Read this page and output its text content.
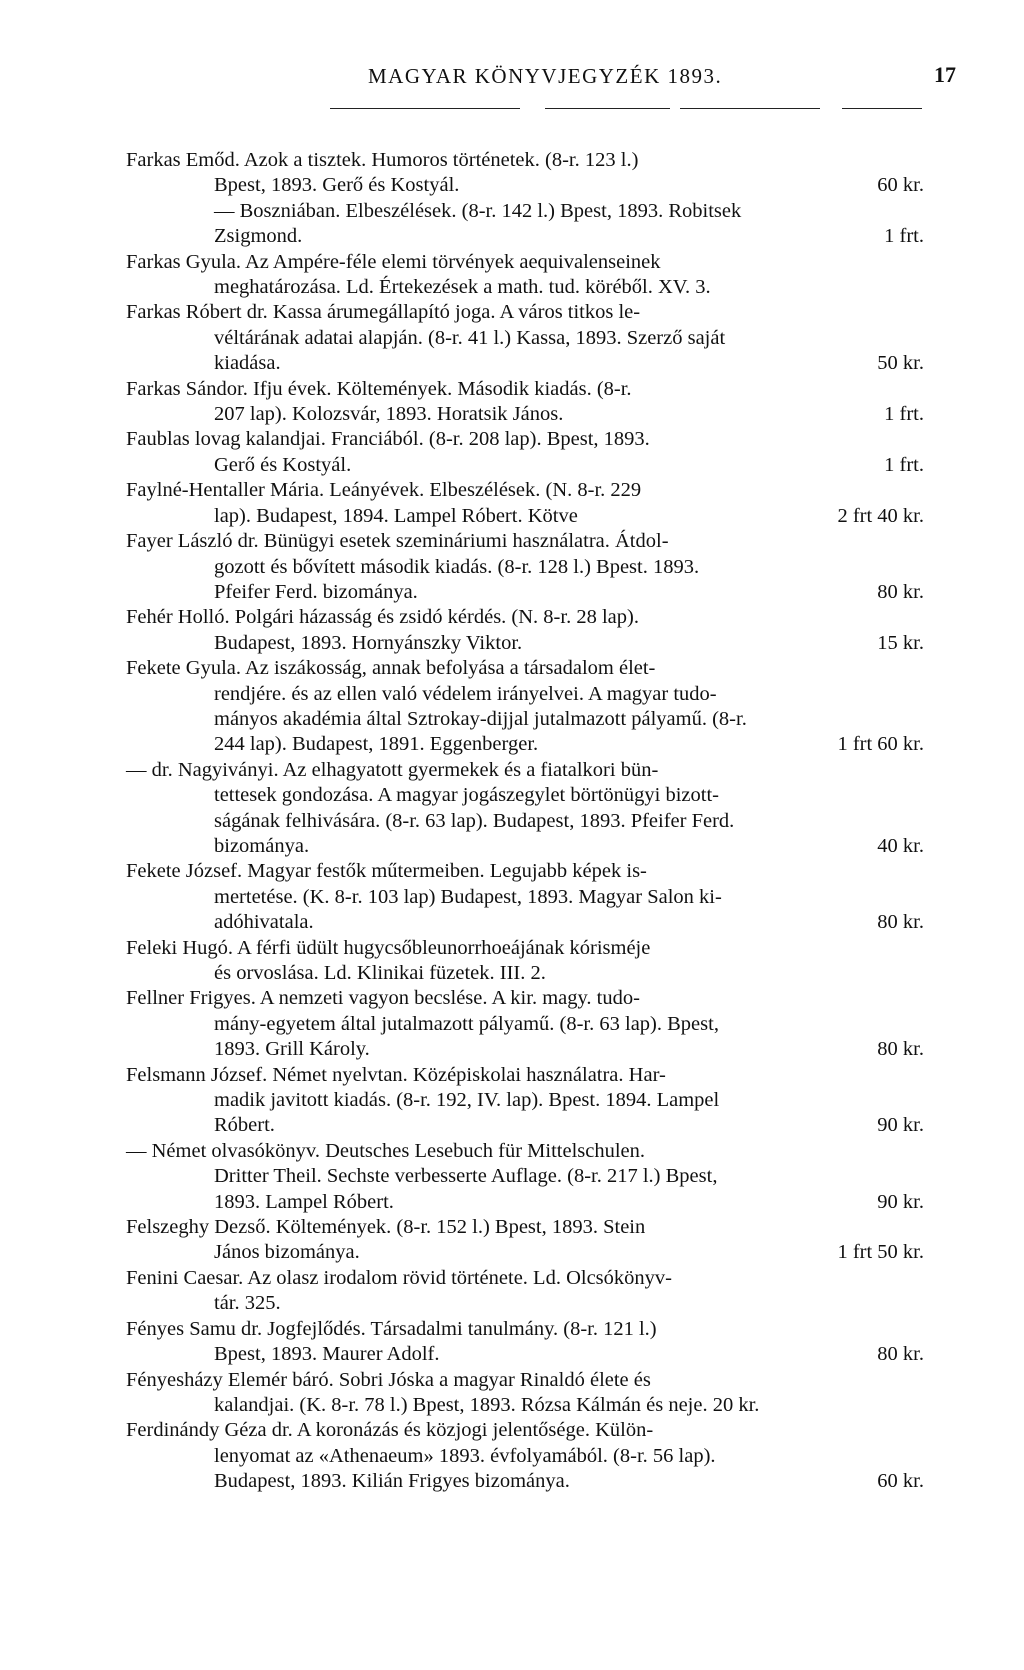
MAGYAR KÖNYVJEGYZÉK 1893.	17
Farkas Emőd. Azok a tisztek. Humoros történetek. (8-r. 123 l.)
Bpest, 1893. Gerő és Kostyál.	60 kr.
— Boszniában. Elbeszélések. (8-r. 142 l.) Bpest, 1893. Robitsek
Zsigmond.	1 frt.
Farkas Gyula. Az Ampére-féle elemi törvények aequivalenseinek
meghatározása. Ld. Értekezések a math. tud. köréből. XV. 3.
Farkas Róbert dr. Kassa árumegállapító joga. A város titkos le-
véltárának adatai alapján. (8-r. 41 l.) Kassa, 1893. Szerző saját
kiadása.	50 kr.
Farkas Sándor. Ifju évek. Költemények. Második kiadás. (8-r.
207 lap). Kolozsvár, 1893. Horatsik János.	1 frt.
Faublas lovag kalandjai. Franciából. (8-r. 208 lap). Bpest, 1893.
Gerő és Kostyál.	1 frt.
Faylné-Hentaller Mária. Leányévek. Elbeszélések. (N. 8-r. 229
lap). Budapest, 1894. Lampel Róbert. Kötve	2 frt 40 kr.
Fayer László dr. Bünügyi esetek szemináriumi használatra. Átdol-
gozott és bővített második kiadás. (8-r. 128 l.) Bpest. 1893.
Pfeifer Ferd. bizománya.	80 kr.
Fehér Holló. Polgári házasság és zsidó kérdés. (N. 8-r. 28 lap).
Budapest, 1893. Hornyánszky Viktor.	15 kr.
Fekete Gyula. Az iszákosság, annak befolyása a társadalom élet-
rendjére. és az ellen való védelem irányelvei. A magyar tudo-
mányos akadémia által Sztrokay-dijjal jutalmazott pályamű. (8-r.
244 lap). Budapest, 1891. Eggenberger.	1 frt 60 kr.
— dr. Nagyiványi. Az elhagyatott gyermekek és a fiatalkori bün-
tettesek gondozása. A magyar jogászegylet börtönügyi bizott-
ságának felhivására. (8-r. 63 lap). Budapest, 1893. Pfeifer Ferd.
bizománya.	40 kr.
Fekete József. Magyar festők műtermeiben. Legujabb képek is-
mertetése. (K. 8-r. 103 lap) Budapest, 1893. Magyar Salon ki-
adóhivatala.	80 kr.
Feleki Hugó. A férfi üdült hugycsőbleunorrhoeájának kórisméje
és orvoslása. Ld. Klinikai füzetek. III. 2.
Fellner Frigyes. A nemzeti vagyon becslése. A kir. magy. tudo-
mány-egyetem által jutalmazott pályamű. (8-r. 63 lap). Bpest,
1893. Grill Károly.	80 kr.
Felsmann József. Német nyelvtan. Középiskolai használatra. Har-
madik javitott kiadás. (8-r. 192, IV. lap). Bpest. 1894. Lampel
Róbert.	90 kr.
— Német olvasókönyv. Deutsches Lesebuch für Mittelschulen.
Dritter Theil. Sechste verbesserte Auflage. (8-r. 217 l.) Bpest,
1893. Lampel Róbert.	90 kr.
Felszeghy Dezső. Költemények. (8-r. 152 l.) Bpest, 1893. Stein
János bizománya.	1 frt 50 kr.
Fenini Caesar. Az olasz irodalom rövid története. Ld. Olcsókönyv-
tár. 325.
Fényes Samu dr. Jogfejlődés. Társadalmi tanulmány. (8-r. 121 l.)
Bpest, 1893. Maurer Adolf.	80 kr.
Fényesházy Elemér báró. Sobri Jóska a magyar Rinaldó élete és
kalandjai. (K. 8-r. 78 l.) Bpest, 1893. Rózsa Kálmán és neje. 20 kr.
Ferdinándy Géza dr. A koronázás és közjogi jelentősége. Külön-
lenyomat az «Athenaeum» 1893. évfolyamából. (8-r. 56 lap).
Budapest, 1893. Kilián Frigyes bizománya.	60 kr.
